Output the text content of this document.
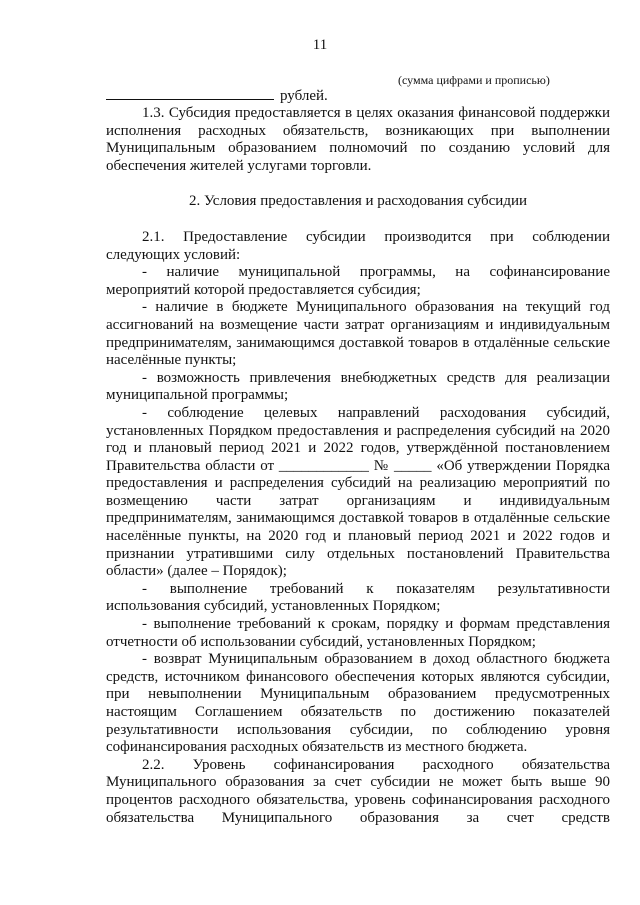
11
(сумма цифрами и прописью)
рублей.

1.3. Субсидия предоставляется в целях оказания финансовой поддержки исполнения расходных обязательств, возникающих при выполнении Муниципальным образованием полномочий по созданию условий для обеспечения жителей услугами торговли.

2. Условия предоставления и расходования субсидии

2.1. Предоставление субсидии производится при соблюдении следующих условий:

- наличие муниципальной программы, на софинансирование мероприятий которой предоставляется субсидия;

- наличие в бюджете Муниципального образования на текущий год ассигнований на возмещение части затрат организациям и индивидуальным предпринимателям, занимающимся доставкой товаров в отдалённые сельские населённые пункты;

- возможность привлечения внебюджетных средств для реализации муниципальной программы;

- соблюдение целевых направлений расходования субсидий, установленных Порядком предоставления и распределения субсидий на 2020 год и плановый период 2021 и 2022 годов, утверждённой постановлением Правительства области от ____________ № _____ «Об утверждении Порядка предоставления и распределения субсидий на реализацию мероприятий по возмещению части затрат организациям и индивидуальным предпринимателям, занимающимся доставкой товаров в отдалённые сельские населённые пункты, на 2020 год и плановый период 2021 и 2022 годов и признании утратившими силу отдельных постановлений Правительства области» (далее – Порядок);

- выполнение требований к показателям результативности использования субсидий, установленных Порядком;

- выполнение требований к срокам, порядку и формам представления отчетности об использовании субсидий, установленных Порядком;

- возврат Муниципальным образованием в доход областного бюджета средств, источником финансового обеспечения которых являются субсидии, при невыполнении Муниципальным образованием предусмотренных настоящим Соглашением обязательств по достижению показателей результативности использования субсидии, по соблюдению уровня софинансирования расходных обязательств из местного бюджета.

2.2. Уровень софинансирования расходного обязательства Муниципального образования за счет субсидии не может быть выше 90 процентов расходного обязательства, уровень софинансирования расходного обязательства Муниципального образования за счет средств
